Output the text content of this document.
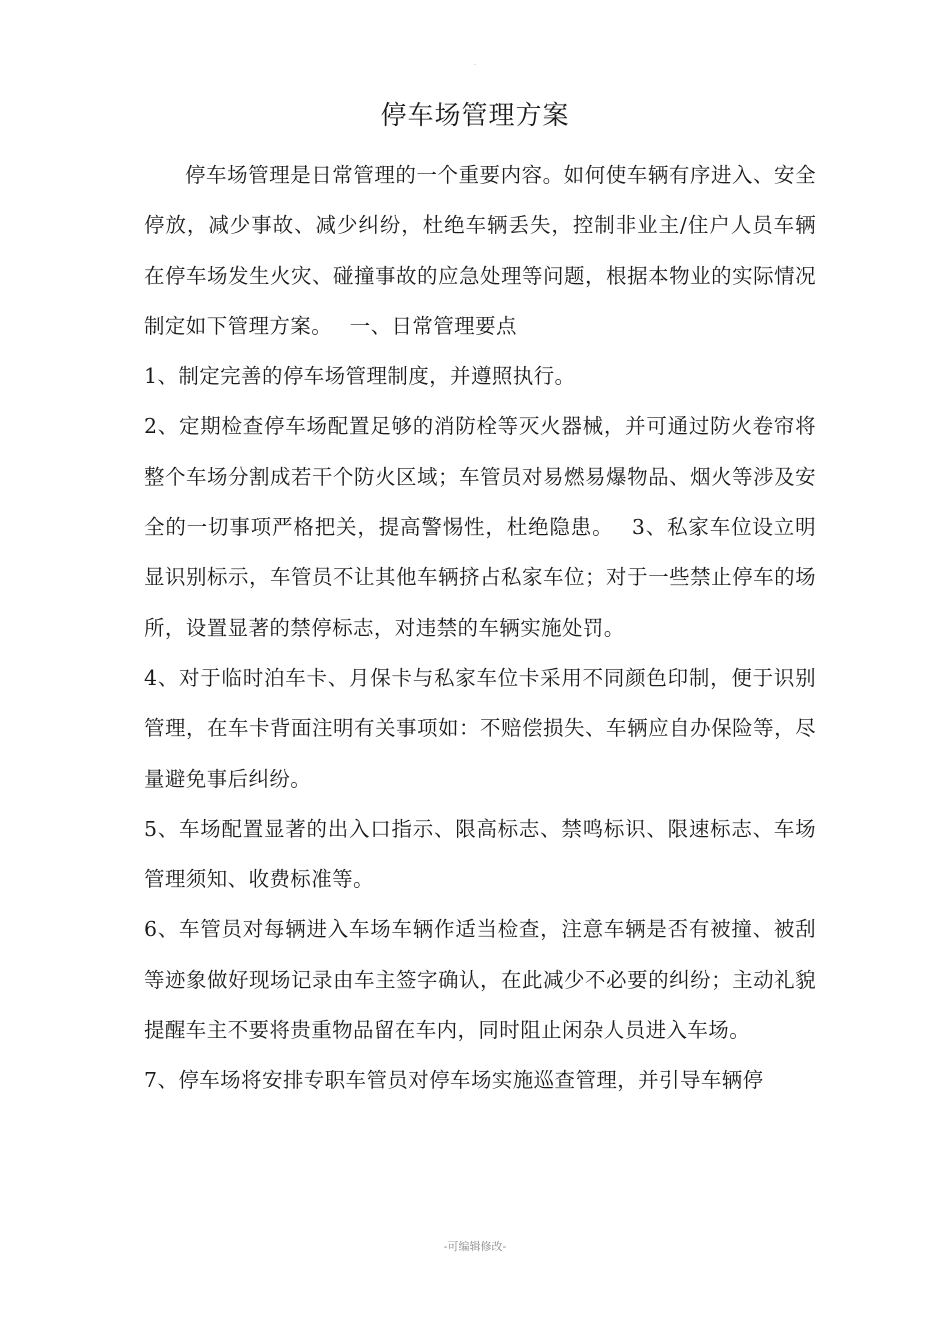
.
停车场管理方案

停车场管理是日常管理的一个重要内容。如何使车辆有序进入、安全停放，减少事故、减少纠纷，杜绝车辆丢失，控制非业主/住户人员车辆在停车场发生火灾、碰撞事故的应急处理等问题，根据本物业的实际情况制定如下管理方案。　 一、日常管理要点

1、制定完善的停车场管理制度，并遵照执行。

2、定期检查停车场配置足够的消防栓等灭火器械，并可通过防火卷帘将整个车场分割成若干个防火区域；车管员对易燃易爆物品、烟火等涉及安全的一切事项严格把关，提高警惕性，杜绝隐患。　 3、私家车位设立明显识别标示，车管员不让其他车辆挤占私家车位；对于一些禁止停车的场所，设置显著的禁停标志，对违禁的车辆实施处罚。

4、对于临时泊车卡、月保卡与私家车位卡采用不同颜色印制，便于识别管理，在车卡背面注明有关事项如：不赔偿损失、车辆应自办保险等，尽量避免事后纠纷。

5、车场配置显著的出入口指示、限高标志、禁鸣标识、限速标志、车场管理须知、收费标准等。

6、车管员对每辆进入车场车辆作适当检查，注意车辆是否有被撞、被刮等迹象做好现场记录由车主签字确认，在此减少不必要的纠纷；主动礼貌提醒车主不要将贵重物品留在车内，同时阻止闲杂人员进入车场。

7、停车场将安排专职车管员对停车场实施巡查管理，并引导车辆停

-可编辑修改-
